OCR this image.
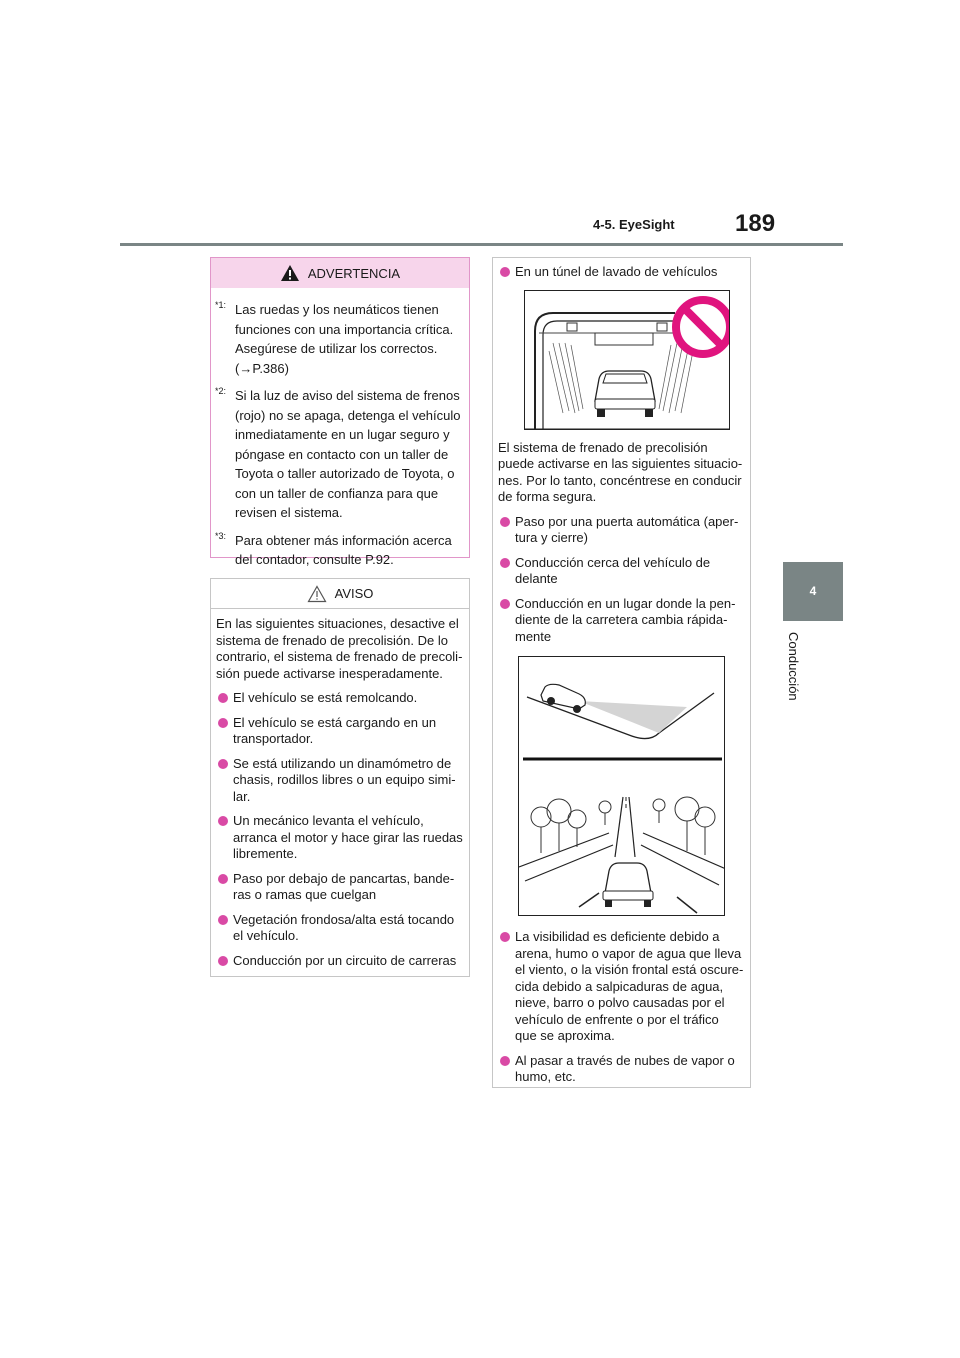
4-5. EyeSight	189
4
Conducción
ADVERTENCIA
*1: Las ruedas y los neumáticos tienen
funciones con una importancia crítica.
Asegúrese de utilizar los correctos.
(→P.386)
*2: Si la luz de aviso del sistema de frenos
(rojo) no se apaga, detenga el vehículo
inmediatamente en un lugar seguro y
póngase en contacto con un taller de
Toyota o taller autorizado de Toyota, o
con un taller de confianza para que
revisen el sistema.
*3: Para obtener más información acerca
del contador, consulte P.92.
AVISO

En las siguientes situaciones, desactive el sistema de frenado de precolisión. De lo contrario, el sistema de frenado de precoli-sión puede activarse inesperadamente.

El vehículo se está remolcando.
El vehículo se está cargando en un transportador.
Se está utilizando un dinamómetro de chasis, rodillos libres o un equipo simi-lar.
Un mecánico levanta el vehículo, arranca el motor y hace girar las ruedas libremente.
Paso por debajo de pancartas, bande-ras o ramas que cuelgan
Vegetación frondosa/alta está tocando el vehículo.
Conducción por un circuito de carreras
En un túnel de lavado de vehículos

El sistema de frenado de precolisión puede activarse en las siguientes situacio-nes. Por lo tanto, concéntrese en conducir de forma segura.

Paso por una puerta automática (aper-tura y cierre)
Conducción cerca del vehículo de delante
Conducción en un lugar donde la pen-diente de la carretera cambia rápida-mente
La visibilidad es deficiente debido a arena, humo o vapor de agua que lleva el viento, o la visión frontal está oscure-cida debido a salpicaduras de agua, nieve, barro o polvo causadas por el vehículo de enfrente o por el tráfico que se aproxima.
Al pasar a través de nubes de vapor o humo, etc.
